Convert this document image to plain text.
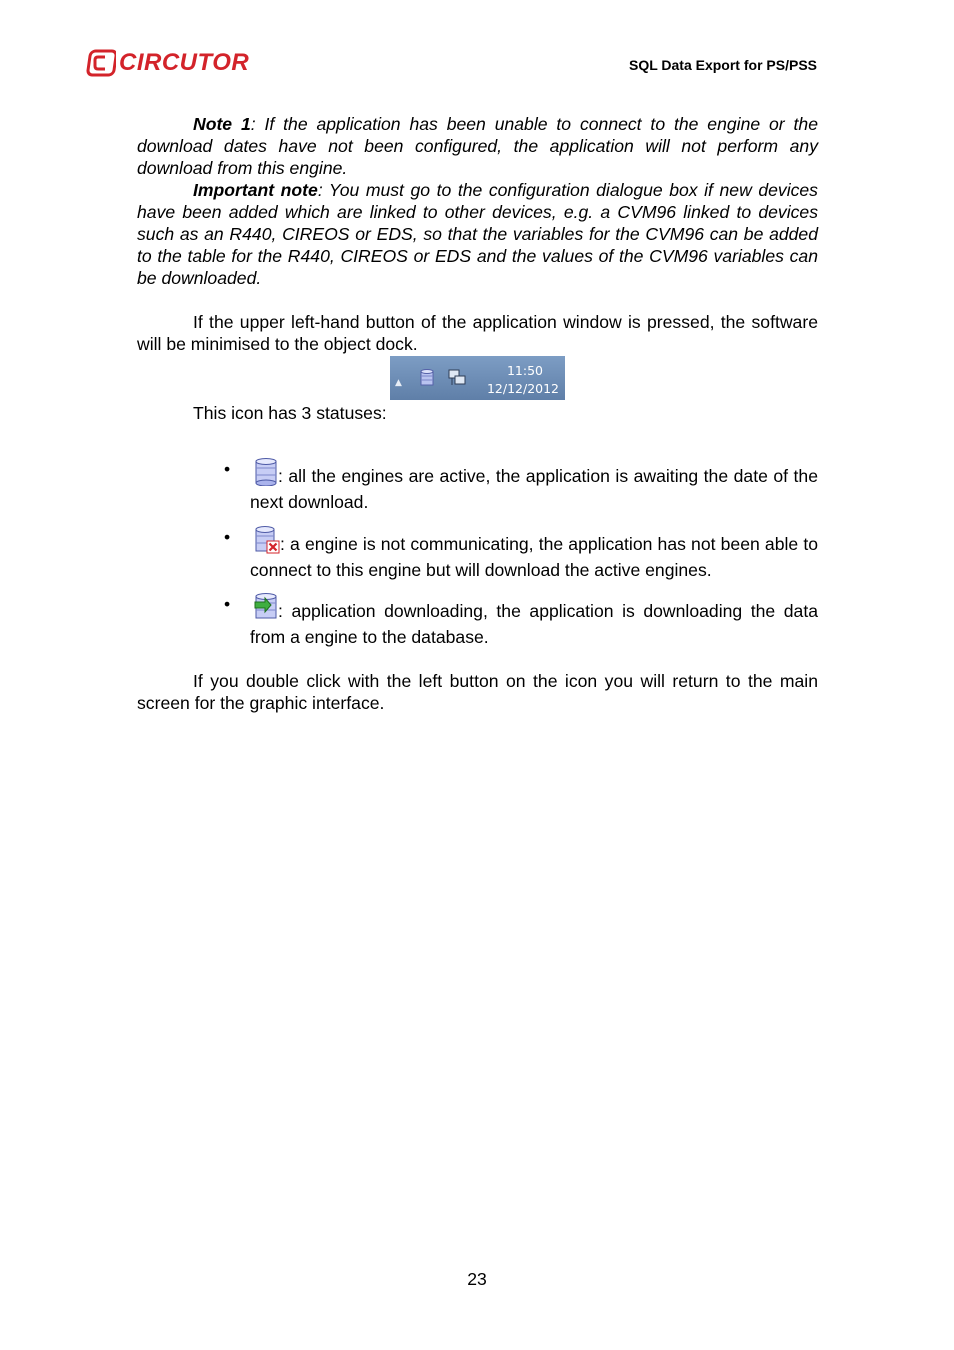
CIRCUTOR	SQL Data Export for PS/PSS

Note 1: If the application has been unable to connect to the engine or the download dates have not been configured, the application will not perform any download from this engine.

Important note: You must go to the configuration dialogue box if new devices have been added which are linked to other devices, e.g. a CVM96 linked to devices such as an R440, CIREOS or EDS, so that the variables for the CVM96 can be added to the table for the R440, CIREOS or EDS and the values of the CVM96 variables can be downloaded.

If the upper left-hand button of the application window is pressed, the software will be minimised to the object dock.

▲
11:50
12/12/2012

This icon has 3 statuses:

•	: all the engines are active, the application is awaiting the date of the next download.
•	: a engine is not communicating, the application has not been able to connect to this engine but will download the active engines.
•	: application downloading, the application is downloading the data from a engine to the database.

If you double click with the left button on the icon you will return to the main screen for the graphic interface.

23
